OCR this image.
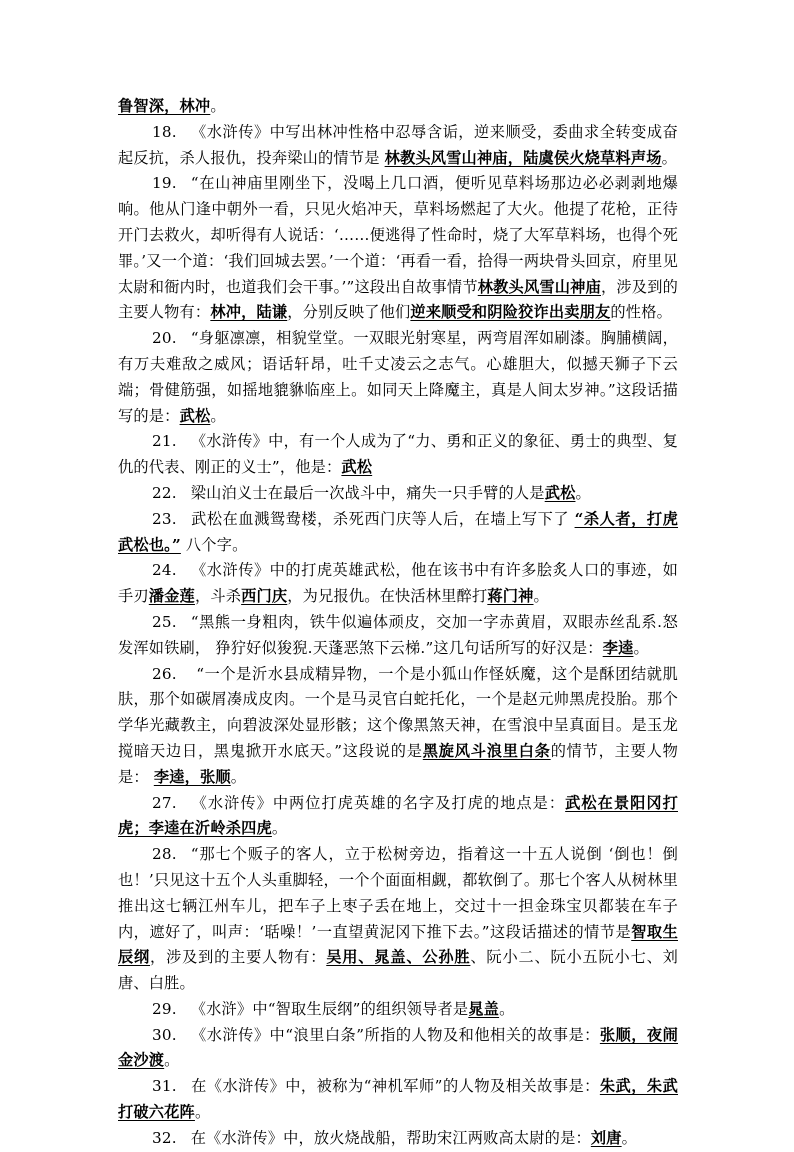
鲁智深，林冲。

18. 《水浒传》中写出林冲性格中忍辱含诟，逆来顺受，委曲求全转变成奋起反抗，杀人报仇，投奔梁山的情节是 林教头风雪山神庙，陆虞侯火烧草料声场。

19. “在山神庙里刚坐下，没喝上几口酒，便听见草料场那边必必剥剥地爆响。他从门逢中朝外一看，只见火焰冲天，草料场燃起了大火。他提了花枪，正待开门去救火，却听得有人说话：‘……便逃得了性命时，烧了大军草料场，也得个死罪。’又一个道：‘我们回城去罢。’一个道：‘再看一看，拾得一两块骨头回京，府里见太尉和衙内时，也道我们会干事。’”这段出自故事情节林教头风雪山神庙，涉及到的主要人物有：林冲，陆谦，分别反映了他们逆来顺受和阴险狡诈出卖朋友的性格。

20. “身躯凛凛，相貌堂堂。一双眼光射寒星，两弯眉浑如刷漆。胸脯横阔，有万夫难敌之威风；语话轩昂，吐千丈凌云之志气。心雄胆大，似撼天狮子下云端；骨健筋强，如摇地貔貅临座上。如同天上降魔主，真是人间太岁神。”这段话描写的是：武松。

21. 《水浒传》中，有一个人成为了“力、勇和正义的象征、勇士的典型、复仇的代表、刚正的义士”，他是：武松

22. 梁山泊义士在最后一次战斗中，痛失一只手臂的人是武松。

23. 武松在血溅鸳鸯楼，杀死西门庆等人后，在墙上写下了 “杀人者，打虎武松也。” 八个字。

24. 《水浒传》中的打虎英雄武松，他在该书中有许多脍炙人口的事迹，如手刃潘金莲，斗杀西门庆，为兄报仇。在快活林里醉打蒋门神。

25. “黑熊一身粗肉，铁牛似遍体顽皮，交加一字赤黄眉，双眼赤丝乱系.怒发浑如铁刷， 狰狞好似狻猊.天蓬恶煞下云梯.”这几句话所写的好汉是：李逵。

26. “一个是沂水县成精异物，一个是小狐山作怪妖魔，这个是酥团结就肌肤，那个如碳屑凑成皮肉。一个是马灵官白蛇托化，一个是赵元帅黑虎投胎。那个学华光藏教主，向碧波深处显形骸；这个像黑煞天神，在雪浪中呈真面目。是玉龙搅暗天边日，黑鬼掀开水底天。”这段说的是黑旋风斗浪里白条的情节，主要人物是： 李逵，张顺。

27. 《水浒传》中两位打虎英雄的名字及打虎的地点是：武松在景阳冈打虎；李逵在沂岭杀四虎。

28. “那七个贩子的客人，立于松树旁边，指着这一十五人说倒 ‘倒也！倒也！’只见这十五个人头重脚轻，一个个面面相觑，都软倒了。那七个客人从树林里推出这七辆江州车儿，把车子上枣子丢在地上，交过十一担金珠宝贝都装在车子内，遮好了，叫声：‘聒噪！’一直望黄泥冈下推下去。”这段话描述的情节是智取生辰纲，涉及到的主要人物有：吴用、晁盖、公孙胜、阮小二、阮小五阮小七、刘唐、白胜。

29. 《水浒》中“智取生辰纲”的组织领导者是晁盖。

30. 《水浒传》中“浪里白条”所指的人物及和他相关的故事是：张顺，夜闹金沙渡。

31. 在《水浒传》中，被称为“神机军师”的人物及相关故事是：朱武，朱武打破六花阵。

32. 在《水浒传》中，放火烧战船，帮助宋江两败高太尉的是：刘唐。
